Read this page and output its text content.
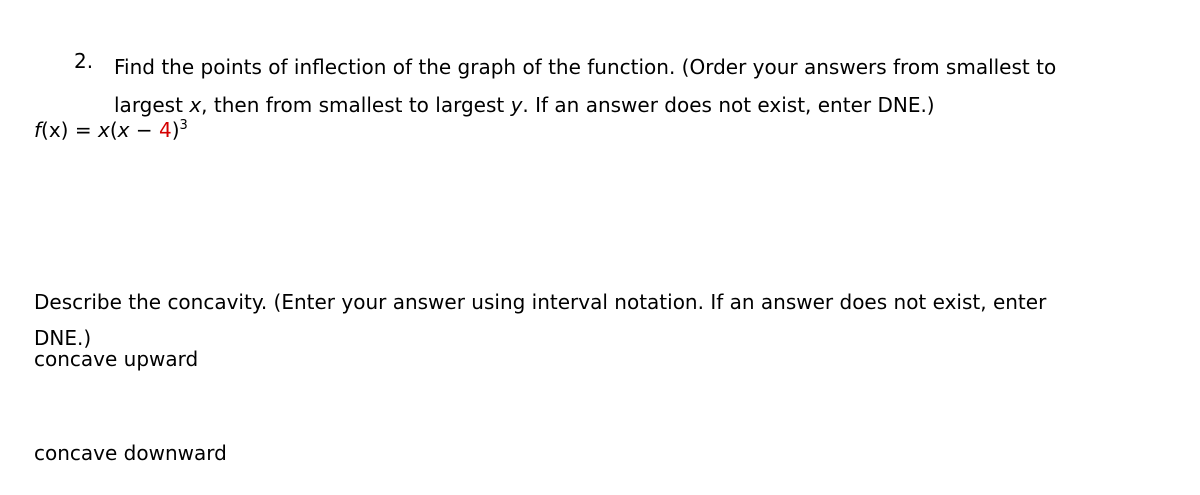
2. Find the points of inflection of the graph of the function. (Order your answers from smallest to
largest x, then from smallest to largest y. If an answer does not exist, enter DNE.)
$f(x) = x(x - 4)^3$
Describe the concavity. (Enter your answer using interval notation. If an answer does not exist, enter
DNE.)
concave upward
concave downward
